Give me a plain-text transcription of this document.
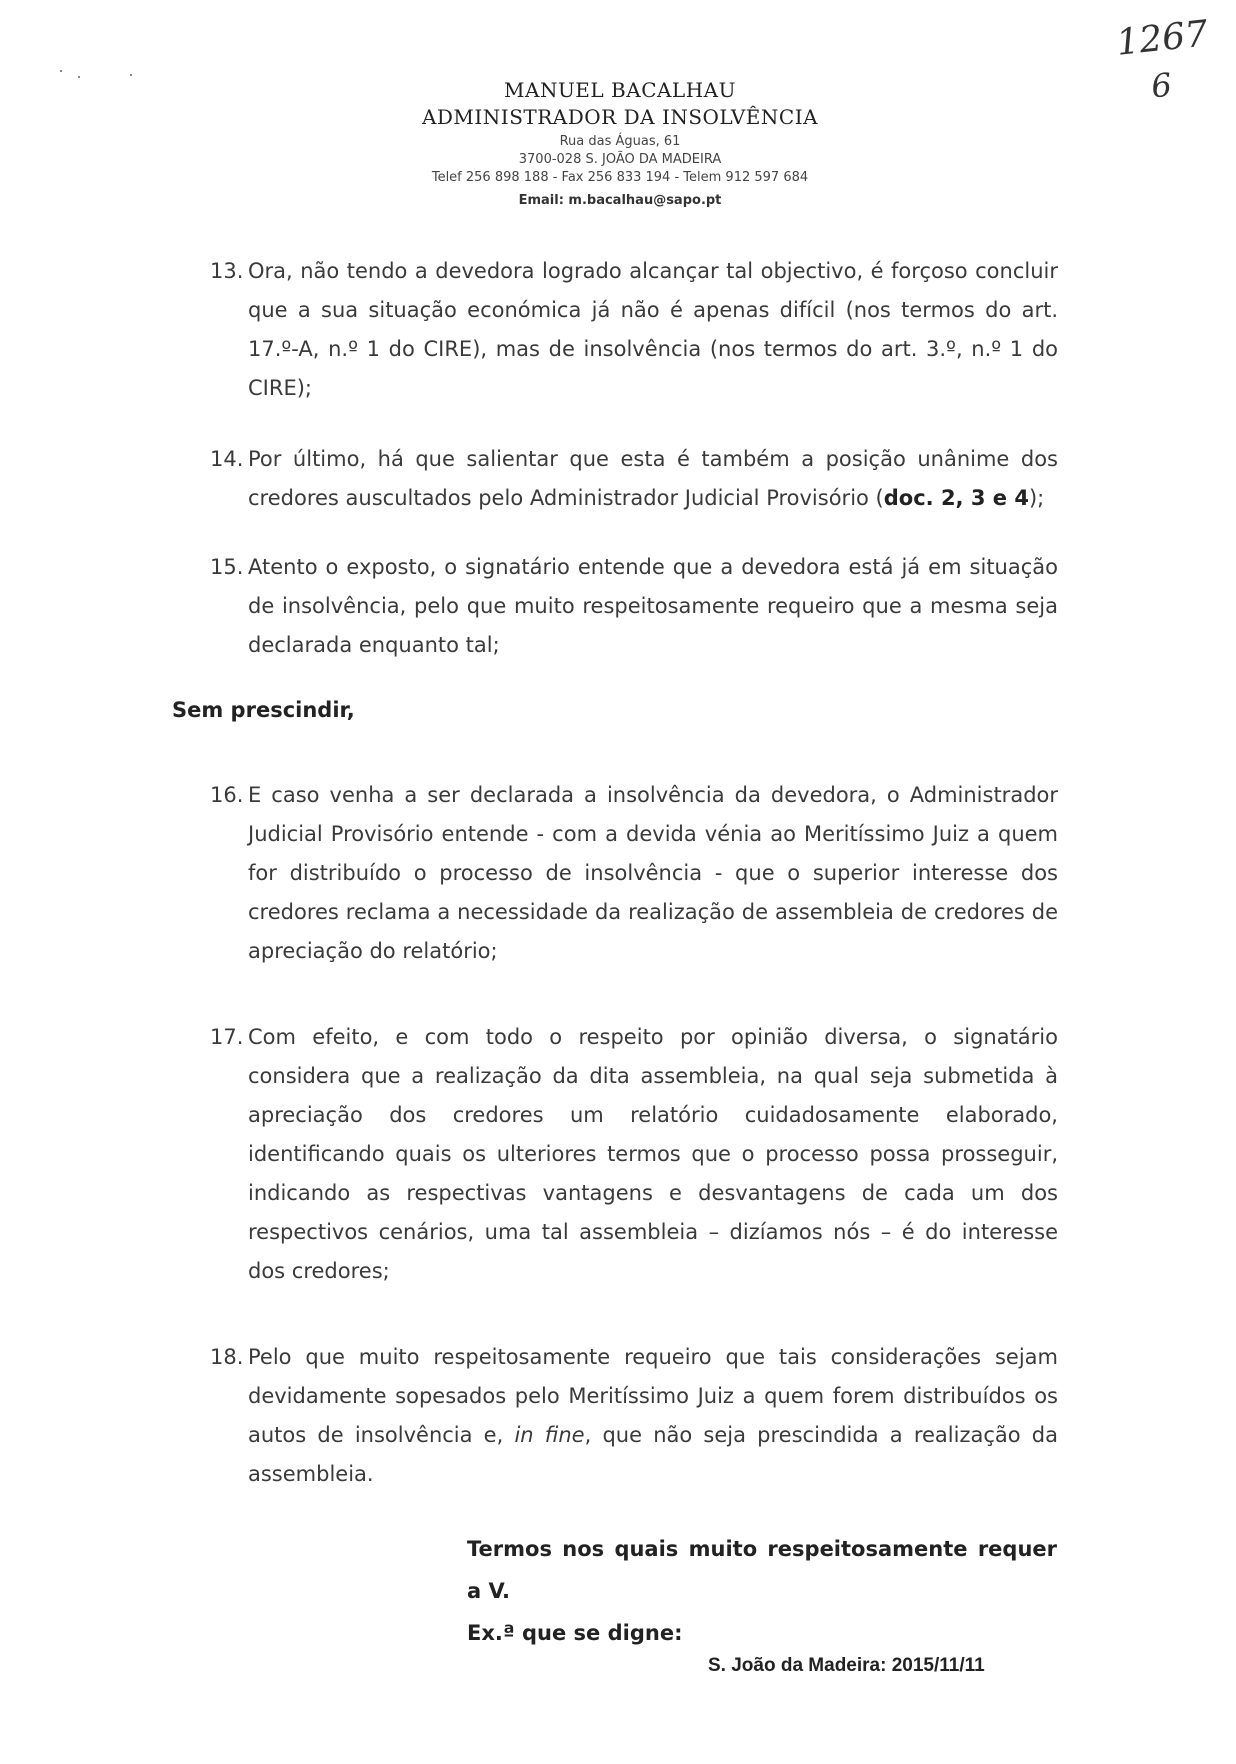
1267
6
MANUEL BACALHAU
ADMINISTRADOR DA INSOLVÊNCIA
Rua das Águas, 61
3700-028 S. JOÃO DA MADEIRA
Telef 256 898 188 - Fax 256 833 194 - Telem 912 597 684
Email: m.bacalhau@sapo.pt
13. Ora, não tendo a devedora logrado alcançar tal objectivo, é forçoso concluir que a sua situação económica já não é apenas difícil (nos termos do art. 17.º-A, n.º 1 do CIRE), mas de insolvência (nos termos do art. 3.º, n.º 1 do CIRE);
14. Por último, há que salientar que esta é também a posição unânime dos credores auscultados pelo Administrador Judicial Provisório (doc. 2, 3 e 4);
15. Atento o exposto, o signatário entende que a devedora está já em situação de insolvência, pelo que muito respeitosamente requeiro que a mesma seja declarada enquanto tal;
Sem prescindir,
16. E caso venha a ser declarada a insolvência da devedora, o Administrador Judicial Provisório entende - com a devida vénia ao Meritíssimo Juiz a quem for distribuído o processo de insolvência - que o superior interesse dos credores reclama a necessidade da realização de assembleia de credores de apreciação do relatório;
17. Com efeito, e com todo o respeito por opinião diversa, o signatário considera que a realização da dita assembleia, na qual seja submetida à apreciação dos credores um relatório cuidadosamente elaborado, identificando quais os ulteriores termos que o processo possa prosseguir, indicando as respectivas vantagens e desvantagens de cada um dos respectivos cenários, uma tal assembleia – dizíamos nós – é do interesse dos credores;
18. Pelo que muito respeitosamente requeiro que tais considerações sejam devidamente sopesados pelo Meritíssimo Juiz a quem forem distribuídos os autos de insolvência e, in fine, que não seja prescindida a realização da assembleia.
Termos nos quais muito respeitosamente requer a V.
Ex.ª que se digne:
S. João da Madeira: 2015/11/11
